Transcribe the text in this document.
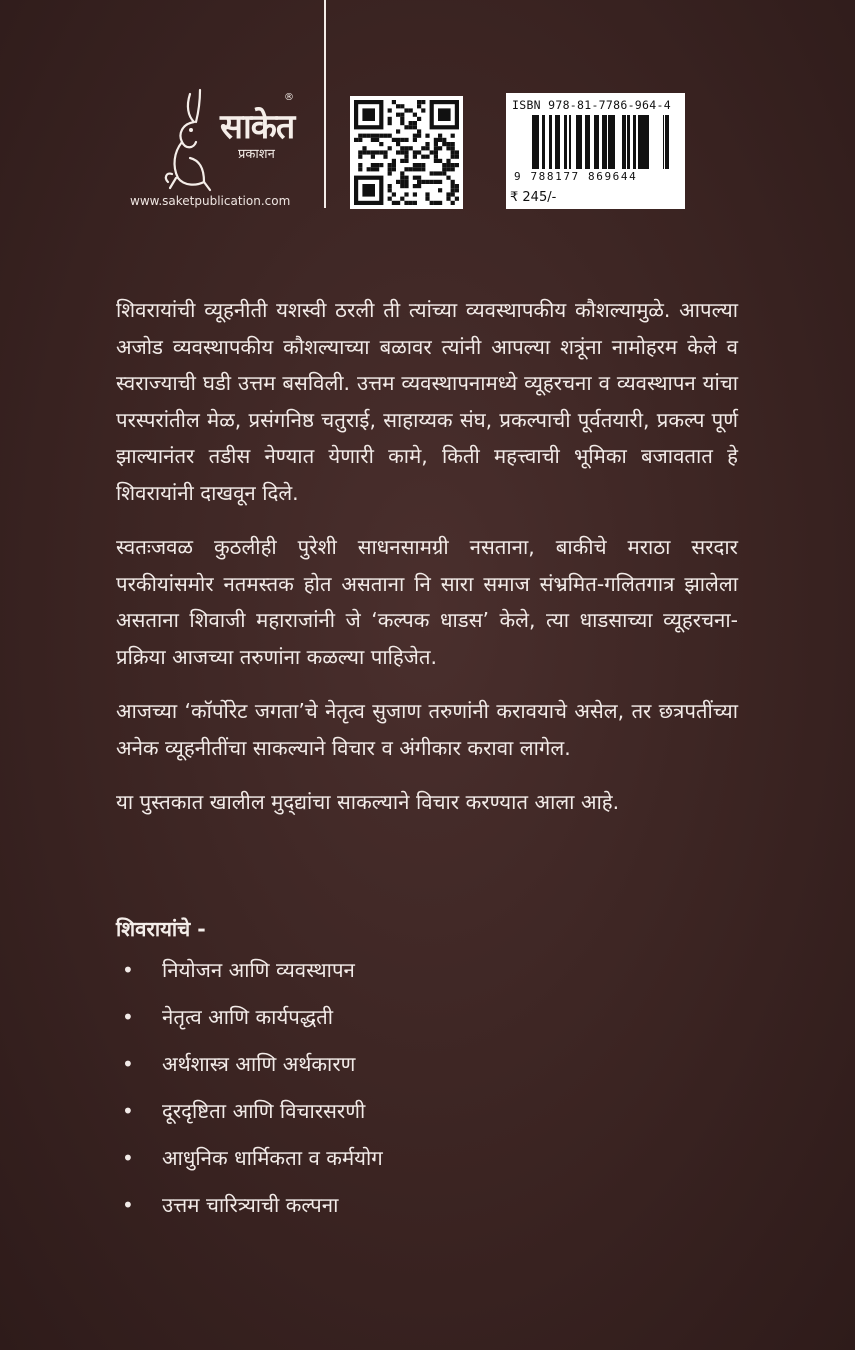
साकेत
प्रकाशन
®
www.saketpublication.com
ISBN 978-81-7786-964-4
9 788177 869644
₹ 245/-

शिवरायांची व्यूहनीती यशस्वी ठरली ती त्यांच्या व्यवस्थापकीय कौशल्यामुळे. आपल्या अजोड व्यवस्थापकीय कौशल्याच्या बळावर त्यांनी आपल्या शत्रूंना नामोहरम केले व स्वराज्याची घडी उत्तम बसविली. उत्तम व्यवस्थापनामध्ये व्यूहरचना व व्यवस्थापन यांचा परस्परांतील मेळ, प्रसंगनिष्ठ चतुराई, साहाय्यक संघ, प्रकल्पाची पूर्वतयारी, प्रकल्प पूर्ण झाल्यानंतर तडीस नेण्यात येणारी कामे, किती महत्त्वाची भूमिका बजावतात हे शिवरायांनी दाखवून दिले.

स्वतःजवळ कुठलीही पुरेशी साधनसामग्री नसताना, बाकीचे मराठा सरदार परकीयांसमोर नतमस्तक होत असताना नि सारा समाज संभ्रमित-गलितगात्र झालेला असताना शिवाजी महाराजांनी जे ‘कल्पक धाडस’ केले, त्या धाडसाच्या व्यूहरचना-प्रक्रिया आजच्या तरुणांना कळल्या पाहिजेत.

आजच्या ‘कॉर्पोरेट जगता’चे नेतृत्व सुजाण तरुणांनी करावयाचे असेल, तर छत्रपतींच्या अनेक व्यूहनीतींचा साकल्याने विचार व अंगीकार करावा लागेल.

या पुस्तकात खालील मुद्‌द्यांचा साकल्याने विचार करण्यात आला आहे.

शिवरायांचे -
•	नियोजन आणि व्यवस्थापन
•	नेतृत्व आणि कार्यपद्धती
•	अर्थशास्त्र आणि अर्थकारण
•	दूरदृष्टिता आणि विचारसरणी
•	आधुनिक धार्मिकता व कर्मयोग
•	उत्तम चारित्र्याची कल्पना
